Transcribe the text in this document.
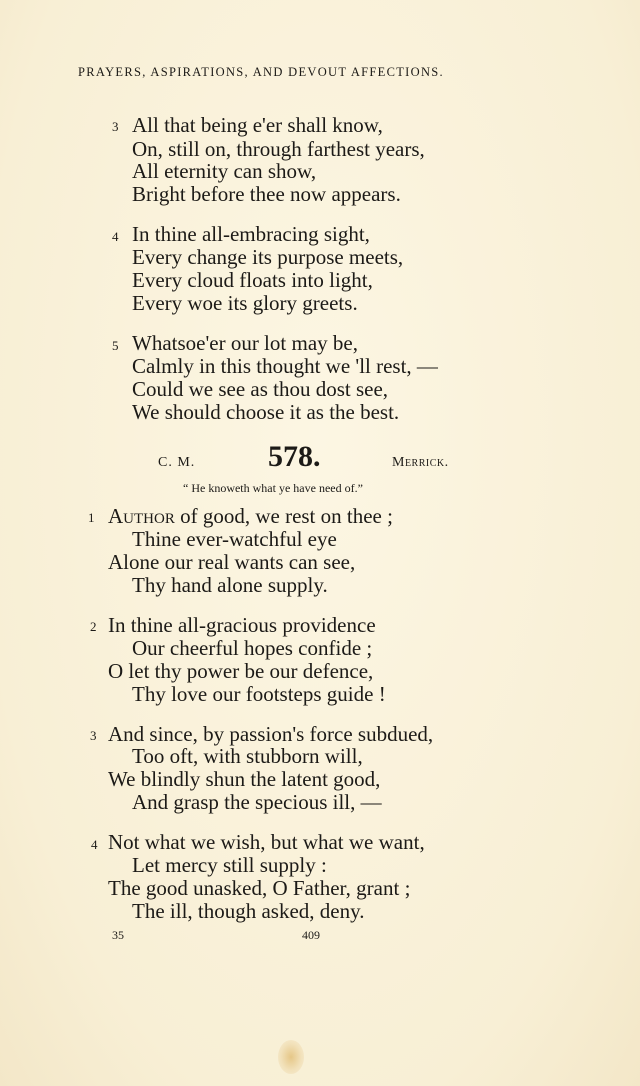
PRAYERS, ASPIRATIONS, AND DEVOUT AFFECTIONS.
3 All that being e'er shall know,
On, still on, through farthest years,
All eternity can show,
Bright before thee now appears.
4 In thine all-embracing sight,
Every change its purpose meets,
Every cloud floats into light,
Every woe its glory greets.
5 Whatsoe'er our lot may be,
Calmly in this thought we 'll rest, —
Could we see as thou dost see,
We should choose it as the best.
C. M. 578.	Merrick.
“ He knoweth what ye have need of.”
1 Author of good, we rest on thee ;
Thine ever-watchful eye
Alone our real wants can see,
Thy hand alone supply.
2 In thine all-gracious providence
Our cheerful hopes confide ;
O let thy power be our defence,
Thy love our footsteps guide !
3 And since, by passion's force subdued,
Too oft, with stubborn will,
We blindly shun the latent good,
And grasp the specious ill, —
4 Not what we wish, but what we want,
Let mercy still supply :
The good unasked, O Father, grant ;
The ill, though asked, deny.
35	409
